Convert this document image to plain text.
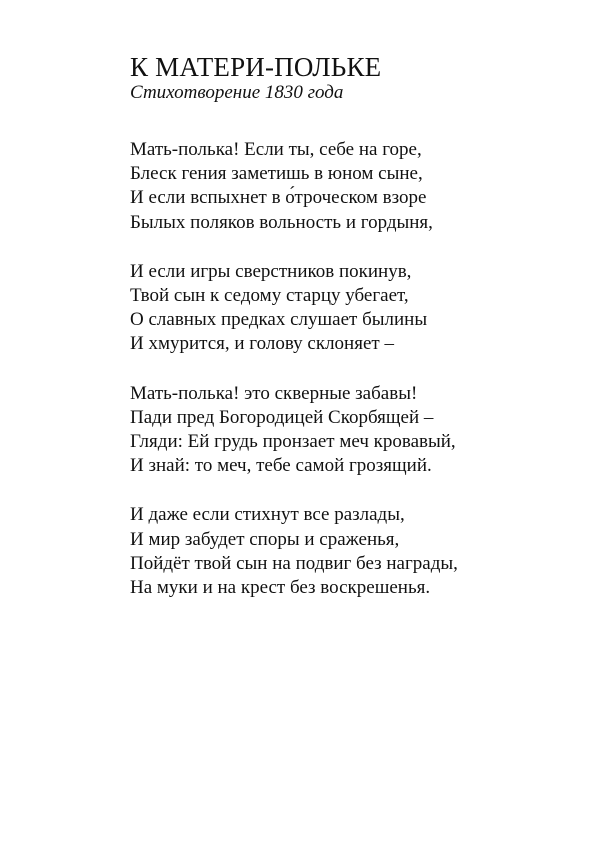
К МАТЕРИ-ПОЛЬКЕ
Стихотворение 1830 года
Мать-полька! Если ты, себе на горе,
Блеск гения заметишь в юном сыне,
И если вспыхнет в о́троческом взоре
Былых поляков вольность и гордыня,
И если игры сверстников покинув,
Твой сын к седому старцу убегает,
О славных предках слушает былины
И хмурится, и голову склоняет –
Мать-полька! это скверные забавы!
Пади пред Богородицей Скорбящей –
Гляди: Ей грудь пронзает меч кровавый,
И знай: то меч, тебе самой грозящий.
И даже если стихнут все разлады,
И мир забудет споры и сраженья,
Пойдёт твой сын на подвиг без награды,
На муки и на крест без воскрешенья.
